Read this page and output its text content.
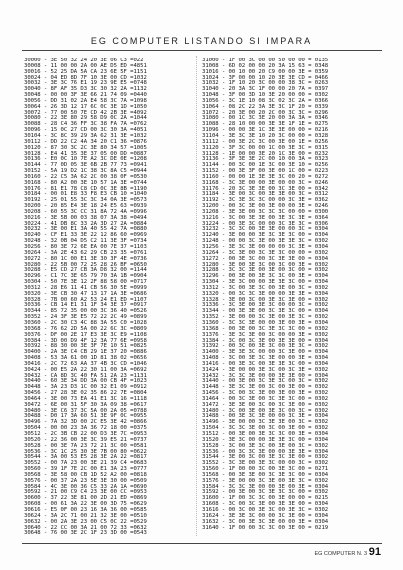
EG COMPUTER LISTANDO SI IMPARA
30000 - 3E 50 32 24 20 3E 06 C3 =022
30008 - 11 00 00 2A 00 AE D5 ED =4851
30016 - 52 25 DA 5A CA 23 6E 5F =1151
30024 - 04 ED 8D 7F 10 3E 00 CD =1032
30032 - 3E 3C 76 E1 19 23 9E E5 =0748
30040 - 8F AF 35 D3 3C 30 32 2A =1132
30048 - 00 00 3F 3E 66 21 74 09 =0440
30056 - DD 31 02 2A E4 58 3C 7A =1098
30064 - 26 3D 12 17 6C 0C 3E 1D =1050
30072 - 77 00 50 7E CD 42 2B 3E =4092
30080 - 22 3E 80 29 58 D9 0C 2A =1044
30088 - 28 C4 36 FF 3C 38 FA 7A =0762
30096 - 15 0C 27 CD 00 3C 30 3A =4051
30104 - 3C 8C 39 29 3A 62 31 3E =1032
30112 - DD 22 C2 4A 34 20 C1 36 =0876
30120 - 87 30 3C 2C 3E 80 34 57 =1005
30128 - E4 41 35 3E 37 05 00 DD =0887
30136 - E0 0C 10 7E A2 3C DE 0E =1208
30144 - 77 0D 05 3E 6B 2B 77 73 =0941
30152 - 5A 19 D2 1C 38 3C 8A C5 =0944
30160 - 22 C5 3A 62 2C 00 38 0F =0530
30168 - 80 A2 00 3E 10 57 1A 3E =0744
30176 - 81 E1 78 C8 CD 0C 3E 8B =1190
30184 - 00 01 E8 33 F8 E3 CB 10 =1040
30192 - 25 01 55 3C 3C 34 0A 3E =0573
30200 - 20 85 E4 3E 18 24 E5 63 =0939
30208 - 60 55 3C CC 31 8A 72 4A =0996
30216 - 3E 5B 00 03 38 07 3A 38 =0494
30224 - 41 DB 8C 33 2A 3D 27 2A =0884
30232 - 3E 00 E1 3A 40 55 42 7A =0880
30240 - CF E1 33 3E 22 12 86 60 =0969
30248 - 32 0B 04 D5 C2 11 3E 3F =0734
30256 - 80 3E 72 6E EA 00 7E 37 =1103
30264 - 3A 2E 43 62 29 CB 23 35 =0761
30272 - 80 1C 00 E1 3E 30 3F 4E =0736
30280 - 22 5B 00 72 25 28 26 BF =0650
30288 - E5 CD 27 CB 3A D8 32 00 =1144
30296 - C1 7C 3E 65 79 70 3A 1B =0904
30304 - 50 7E 3E 12 2F 88 58 00 =0717
30312 - 28 E6 11 41 CB 56 30 5E =0999
30320 - 3E CB 30 47 13 17 1A 3E =0686
30328 - 7B 00 60 A2 53 24 E1 ED =1107
30336 - CB 14 E1 31 1F 34 3E 37 =0917
30344 - 85 72 35 00 00 3C 36 40 =0526
30352 - 24 3F 3E E5 72 22 2C 49 =0899
30360 - 2C 30 C3 4C 88 3A 55 C0 =1028
30368 - 76 62 2D 5A 00 22 6C 3C =0809
30376 - DF 00 2E 17 E3 3E 3C E9 =1108
30384 - 3D 00 D9 4F 12 3A 77 6E =0958
30392 - 88 30 00 3E 3F 7E 10 51 =0825
30400 - 2A 3E C4 CB 29 1E 37 20 =0886
30408 - 53 3A 61 00 1D 81 38 02 =0656
30416 - 2C 72 63 AA 37 4B 3C CD =1046
30424 - 00 E5 2A 22 30 11 00 3A =0692
30432 - CA 8D 3C 40 FA 51 2A 23 =1131
30440 - 60 3E 34 DD 3A 00 CB 4F =1023
30448 - 3A 23 D3 1C 00 32 E1 09 =0912
30456 - 27 28 3E 02 35 86 22 7E =0804
30464 - 3E 00 73 EA 41 E1 3C 16 =1118
30472 - 6E 00 31 5F 30 3A 09 38 =0617
30480 - 3E C6 37 3C 5A 00 2A 05 =0788
30488 - D0 17 3A 60 51 3E 9F 0C =0955
30496 - 7A 32 3D 00 2C E5 3E 42 =0866
30504 - 00 00 23 3A 36 72 18 00 =0375
30512 - 2C 3B CB 22 00 D3 3E 7C =0953
30520 - 22 36 00 3E 3C 39 E5 21 =0737
30528 - 00 3E 7A 23 72 21 3C 00 =0581
30536 - 3C 1C 25 30 3E 7B 00 80 =0622
30544 - 3A 00 53 E5 28 3E 2A 22 =0817
30552 - 00 7A 23 00 3E 21 39 C4 =0683
30560 - 39 1F 7E 2C 00 E1 3A 23 =0777
30568 - 3E 58 00 CB 1D 52 A2 00 =0818
30576 - 00 37 2A 23 5E 3E 30 00 =0509
30584 - 4C 3E 00 36 C5 33 2A 1A =0690
30592 - 21 00 C9 C4 23 3E 00 CC =0953
30600 - 37 22 3E 81 00 2D 21 ED =0869
30608 - 00 61 3A 22 3E 00 3D 75 =0629
30616 - E5 0F 00 23 16 3A 36 00 =0585
30624 - 3A 2C 71 00 21 32 3E 00 =0510
30632 - 00 2A 3E 23 00 C5 0C 22 =0529
30640 - 22 CC 00 3A 21 00 72 33 =0632
30648 - 76 00 3E 2C 1F 23 3D 00 =0543
31000 - 1F 00 3C 00 00 50 00 00 = 0135
31008 - 6D 02 00 00 20 3A 15 63 = 0348
31016 - 00 10 00 20 C9 00 00 3E = 0359
31024 - 3F 00 00 10 20 3E 3E CD = 0466
31032 - 1F 10 20 3C 00 00 38 3C = 0263
31040 - 20 3A 3C 1F 00 00 20 7A = 0397
31048 - 3F 00 3D 10 3E 20 00 00 = 0302
31056 - 3C 1E 10 08 3C 02 3C 2A = 0366
31064 - 08 2C 22 3A 3E 3C 1F 20 = 0339
31072 - 20 3E 00 20 2C 00 3C 3C = 0296
31080 - 00 1C 3C 3E 20 00 3A 3A = 0346
31088 - 28 10 00 00 3E 3E 1F 1E = 0275
31096 - 00 00 3E 1C 3E 3E 00 00 = 0216
31104 - 3E 3C 3E 10 20 3C 00 00 = 0328
31112 - 00 3E 2C 3C 00 3E 00 1E = 0256
31120 - 3F 3C 00 00 1C 00 3E 3C = 0315
31128 - 1E 00 00 3E 20 1C 3E 00 = 0232
31136 - 3F 3E 3E 2C 00 10 00 3A = 0323
31144 - 00 3C 00 1E 3C 00 3E 10 = 0256
31152 - 00 3E 3F 00 3E 00 1C 00 = 0223
31160 - 00 00 1E 3E 3E 3C 00 20 = 0272
31168 - 3C 3E 00 00 3E 00 00 3C = 0246
31176 - 20 3C 3E 3E 00 3C 3E 00 = 0342
31184 - 3E 00 3C 00 3E 3E 00 3C = 0312
31192 - 3C 3E 3C 3C 00 00 3C 3E = 0362
31200 - 00 3C 3E 00 3E 00 00 3E = 0246
31208 - 3E 3E 00 3C 3C 3C 00 00 = 0300
31216 - 3C 00 3E 3E 00 3E 3C 3E = 0364
31224 - 00 3E 3C 00 00 3C 3E 3C = 0306
31232 - 3C 3C 00 3E 3E 00 00 3C = 0304
31240 - 3E 00 00 3E 3C 3E 3C 00 = 0304
31248 - 00 00 3C 3E 00 3E 3E 3C = 0302
31256 - 3E 3C 3E 00 00 00 3C 3E = 0304
31264 - 3C 3E 00 3C 3E 3C 00 00 = 0302
31272 - 00 3E 3C 00 3C 3E 3E 00 = 0304
31280 - 3E 00 3E 3C 00 3C 00 3E = 0302
31288 - 3C 3C 3E 00 3E 00 3C 00 = 0302
31296 - 00 3E 00 3E 3C 3C 00 3E = 0304
31304 - 3E 3C 00 00 3E 3E 3C 00 = 0304
31312 - 3C 00 3E 3C 00 3E 00 3C = 0302
31320 - 00 3C 3C 3E 00 00 3E 3E = 0304
31328 - 3E 00 3C 00 3E 3C 3E 00 = 0302
31336 - 3C 3E 00 3E 3C 00 00 3C = 0302
31344 - 00 3E 3E 00 3C 3E 3C 00 = 0304
31352 - 3E 00 00 3C 3E 00 3E 3C = 0302
31360 - 3C 3C 3E 00 00 3E 00 3E = 0304
31368 - 00 3E 00 3C 3E 3C 3C 00 = 0302
31376 - 3E 3C 3E 00 3C 00 00 3E = 0302
31384 - 3C 00 3C 3E 00 3E 3E 00 = 0304
31392 - 00 3C 00 3E 3C 00 3E 3C = 0302
31400 - 3E 3E 3C 00 00 3C 3E 00 = 0304
31408 - 3C 00 3E 3C 3E 00 00 3E = 0304
31416 - 00 3E 3C 00 3E 3E 3C 00 = 0304
31424 - 3E 00 00 3E 3C 00 3C 3E = 0302
31432 - 3C 3C 3E 00 00 3E 3E 00 = 0304
31440 - 00 3E 00 3C 3E 3C 00 3C = 0302
31448 - 3E 3C 3E 00 3C 00 3E 00 = 0302
31456 - 3C 00 3C 3E 00 3E 00 3E = 0302
31464 - 00 3C 3E 00 3C 3E 3C 00 = 0302
31472 - 3E 3E 00 3C 00 3C 3E 00 = 0302
31480 - 3C 00 3E 00 3E 3C 00 3C = 0302
31488 - 00 3E 3C 3E 00 00 3C 3E = 0304
31496 - 3E 00 00 3C 3E 3E 00 3C = 0302
31504 - 3C 3C 3E 00 3C 00 3E 00 = 0302
31512 - 00 3E 00 3E 3C 3C 00 3E = 0304
31520 - 3E 3C 00 00 3E 3E 3C 00 = 0304
31528 - 3C 00 3E 3C 00 3E 00 3C = 0302
31536 - 00 3C 3C 3E 00 00 3E 3E = 0304
31544 - 3E 00 3C 00 3E 3C 3E 00 = 0302
31552 - 3C 3E 00 3E 3C 00 00 3C = 0302
31560 - 1F 00 00 3C 00 3E 3C 00 = 0271
31568 - 00 3E 3E 00 3C 3E 3C 00 = 0304
31576 - 3E 00 00 3C 3E 00 3E 3C = 0302
31584 - 3C 3C 3E 00 00 3E 00 3E = 0304
31592 - 00 3E 00 3C 3E 3C 3C 00 = 0302
31600 - 1F 00 3C 3C 00 3E 00 00 = 0215
31608 - 3C 00 3C 3E 00 3E 3E 00 = 0304
31616 - 00 3C 00 3E 3C 00 3E 3C = 0302
31624 - 3E 3E 3C 00 00 3C 3E 00 = 0304
31632 - 3C 00 3E 3C 3E 00 00 3E = 0304
31640 - 1F 00 00 3C 3C 00 3E 00 = 0219
EG COMPUTER N. 3 91
